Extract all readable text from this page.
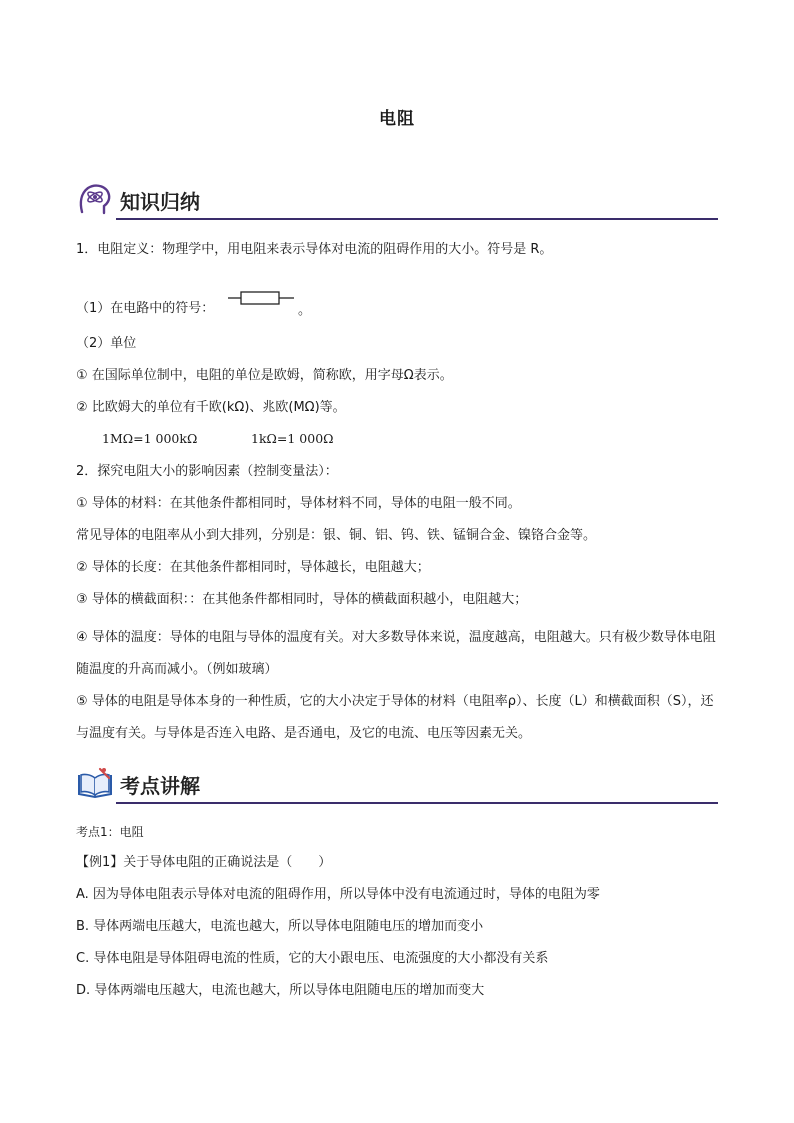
电阻
知识归纳
1．电阻定义：物理学中，用电阻来表示导体对电流的阻碍作用的大小。符号是 R。
（1）在电路中的符号：	。
（2）单位
① 在国际单位制中，电阻的单位是欧姆，简称欧，用字母Ω表示。
② 比欧姆大的单位有千欧(kΩ)、兆欧(MΩ)等。
1MΩ=1 000kΩ	1kΩ=1 000Ω
2．探究电阻大小的影响因素（控制变量法）：
① 导体的材料：在其他条件都相同时，导体材料不同，导体的电阻一般不同。
常见导体的电阻率从小到大排列，分别是：银、铜、铝、钨、铁、锰铜合金、镍铬合金等。
② 导体的长度：在其他条件都相同时，导体越长，电阻越大；
③ 导体的横截面积：：在其他条件都相同时，导体的横截面积越小，电阻越大；
④ 导体的温度：导体的电阻与导体的温度有关。对大多数导体来说，温度越高，电阻越大。只有极少数导体电阻随温度的升高而减小。（例如玻璃）
⑤ 导体的电阻是导体本身的一种性质，它的大小决定于导体的材料（电阻率ρ）、长度（L）和横截面积（S），还与温度有关。与导体是否连入电路、是否通电，及它的电流、电压等因素无关。
考点讲解
考点1：电阻
【例1】关于导体电阻的正确说法是（　　）
A. 因为导体电阻表示导体对电流的阻碍作用，所以导体中没有电流通过时，导体的电阻为零
B. 导体两端电压越大，电流也越大，所以导体电阻随电压的增加而变小
C. 导体电阻是导体阻碍电流的性质，它的大小跟电压、电流强度的大小都没有关系
D. 导体两端电压越大，电流也越大，所以导体电阻随电压的增加而变大
